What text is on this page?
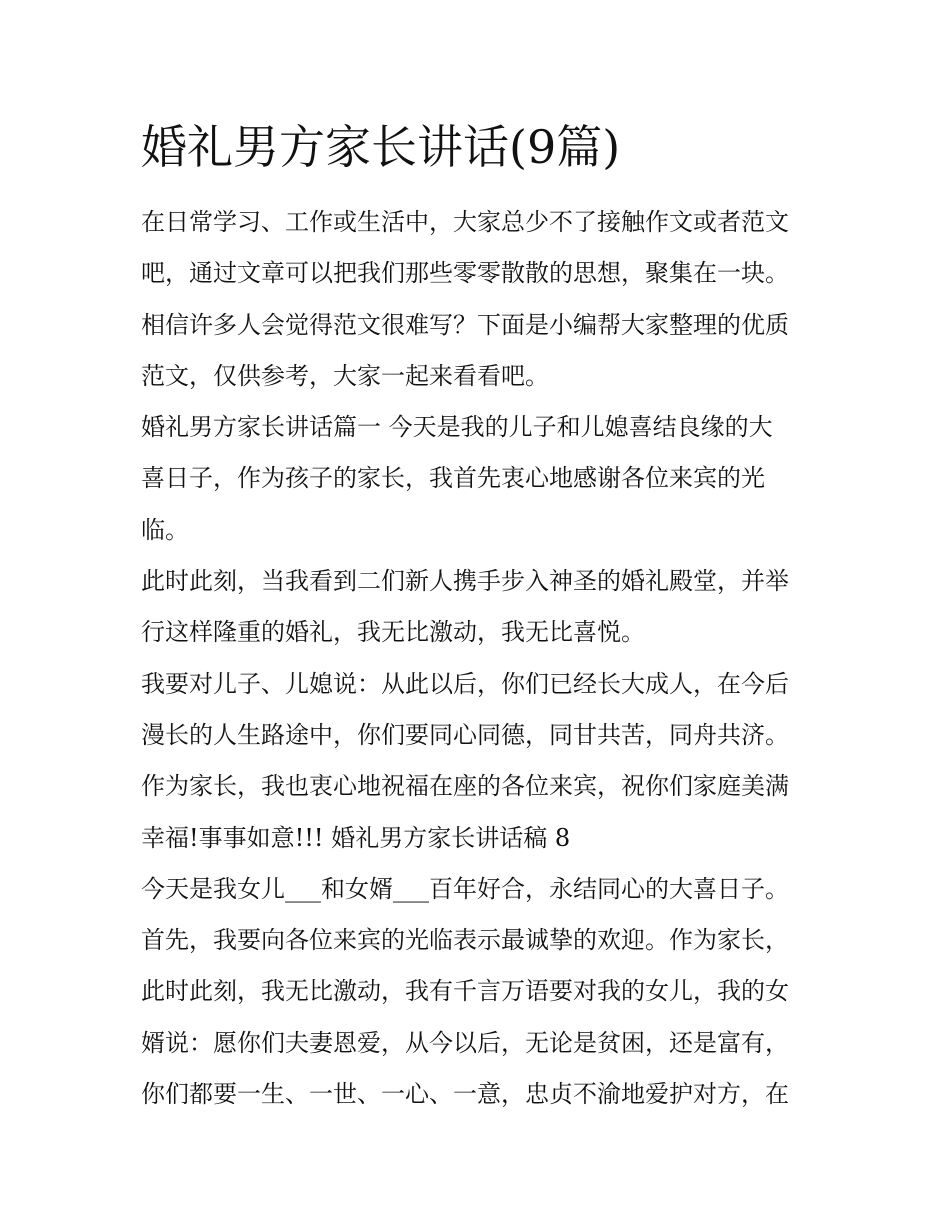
婚礼男方家长讲话(9篇)
在日常学习、工作或生活中，大家总少不了接触作文或者范文
吧，通过文章可以把我们那些零零散散的思想，聚集在一块。
相信许多人会觉得范文很难写？下面是小编帮大家整理的优质
范文，仅供参考，大家一起来看看吧。
婚礼男方家长讲话篇一 今天是我的儿子和儿媳喜结良缘的大
喜日子，作为孩子的家长，我首先衷心地感谢各位来宾的光
临。
此时此刻，当我看到二们新人携手步入神圣的婚礼殿堂，并举
行这样隆重的婚礼，我无比激动，我无比喜悦。
我要对儿子、儿媳说：从此以后，你们已经长大成人，在今后
漫长的人生路途中，你们要同心同德，同甘共苦，同舟共济。
作为家长，我也衷心地祝福在座的各位来宾，祝你们家庭美满
幸福!事事如意!!! 婚礼男方家长讲话稿 8
今天是我女儿___和女婿___百年好合，永结同心的大喜日子。
首先，我要向各位来宾的光临表示最诚挚的欢迎。作为家长，
此时此刻，我无比激动，我有千言万语要对我的女儿，我的女
婿说：愿你们夫妻恩爱，从今以后，无论是贫困，还是富有，
你们都要一生、一世、一心、一意，忠贞不渝地爱护对方，在
